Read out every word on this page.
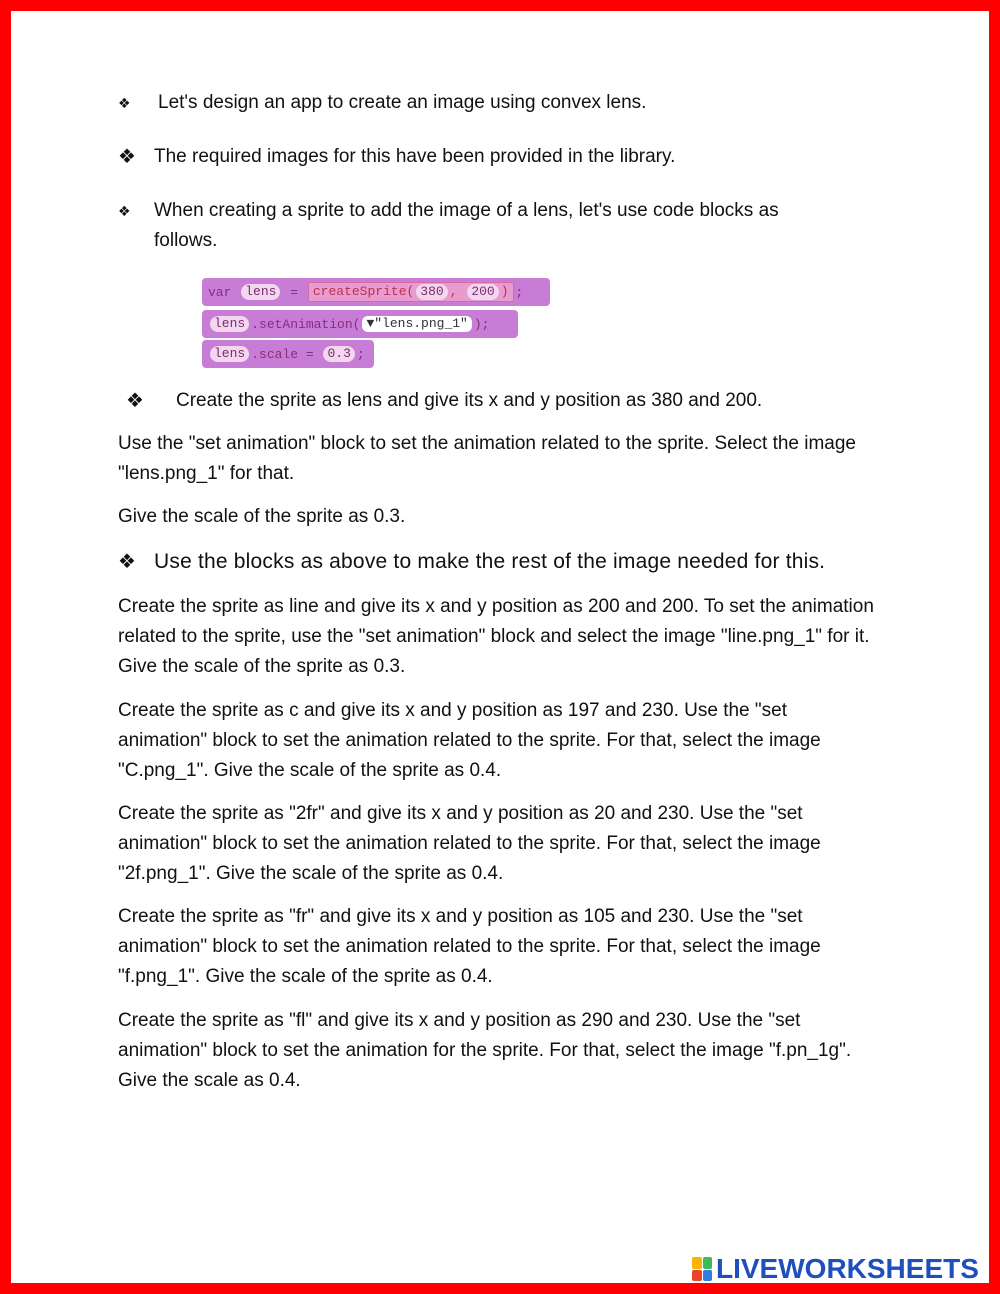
❖	Let's design an app to create an image using convex lens.
❖ The required images for this have been provided in the library.
❖	When creating a sprite to add the image of a lens, let's use code blocks as
follows.
var
	lens
	=
	createSprite( 380 , 200 ) ;
lens .setAnimation( ▼"lens.png_1" );
lens .scale
=
	0.3 ;
❖	Create the sprite as lens and give its x and y position as 380 and 200.

Use the "set animation" block to set the animation related to the sprite. Select the image "lens.png_1" for that.

Give the scale of the sprite as 0.3.

❖ Use the blocks as above to make the rest of the image needed for this.

Create the sprite as line and give its x and y position as 200 and 200. To set the animation related to the sprite, use the "set animation" block and select the image "line.png_1" for it. Give the scale of the sprite as 0.3.

Create the sprite as c and give its x and y position as 197 and 230. Use the "set animation" block to set the animation related to the sprite. For that, select the image "C.png_1". Give the scale of the sprite as 0.4.

Create the sprite as "2fr" and give its x and y position as 20 and 230. Use the "set animation" block to set the animation related to the sprite. For that, select the image "2f.png_1". Give the scale of the sprite as 0.4.

Create the sprite as "fr" and give its x and y position as 105 and 230. Use the "set animation" block to set the animation related to the sprite. For that, select the image "f.png_1". Give the scale of the sprite as 0.4.

Create the sprite as "fl" and give its x and y position as 290 and 230. Use the "set animation" block to set the animation for the sprite. For that, select the image "f.pn_1g". Give the scale as 0.4.

LIVEWORKSHEETS
